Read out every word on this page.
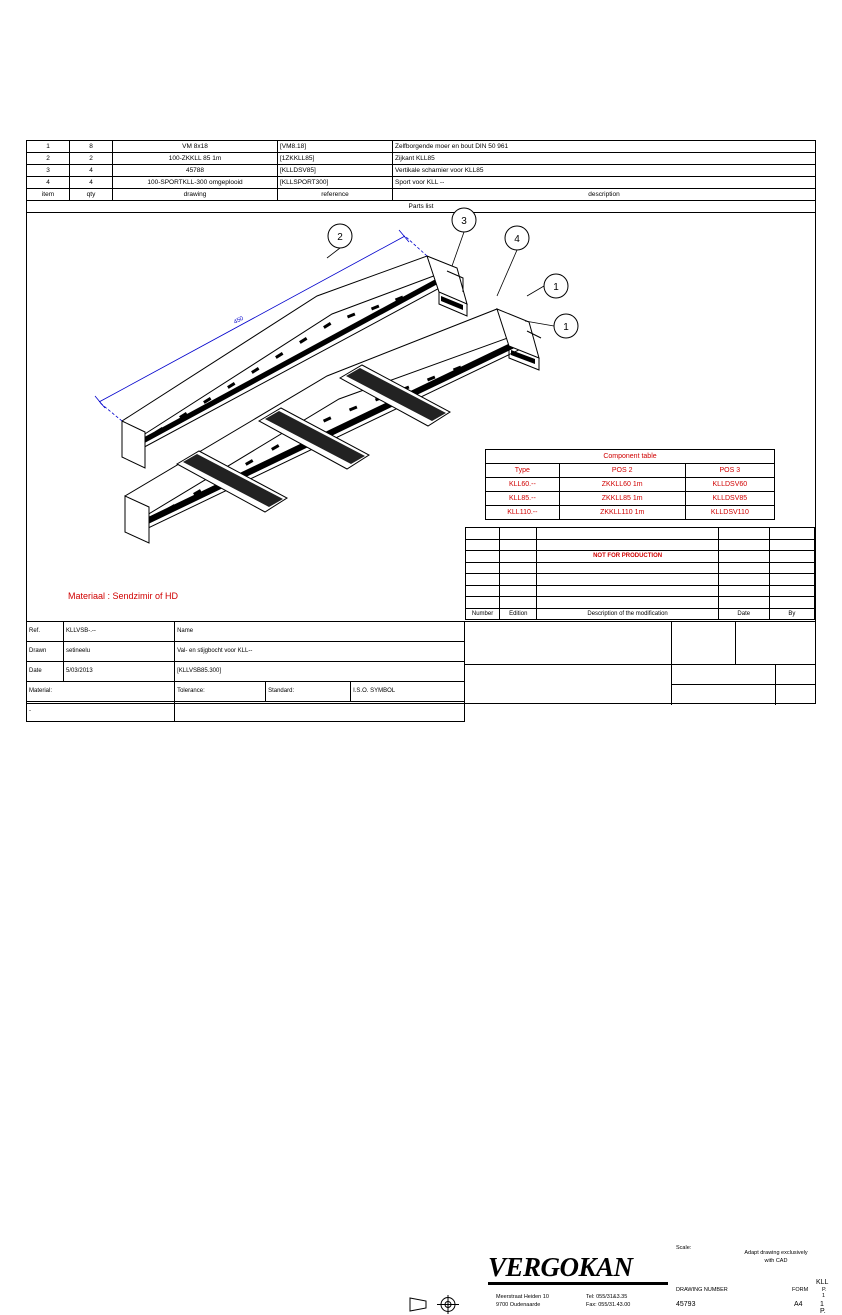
1	8	VM 8x18	[VM8.18]	Zelfborgende moer en bout DIN 50 961
2	2	100-ZKKLL 85 1m	[1ZKKLL85]	Zijkant KLL85
3	4	45788	[KLLDSV85]	Vertikale scharnier voor KLL85
4	4	100-SPORTKLL-300 omgeplooid	[KLLSPORT300]	Sport voor KLL --
item	qty	drawing	reference	description
Parts list				
450
2
3
4
1
1
Component table		
Type	POS 2	POS 3
KLL60.--	ZKKLL60 1m	KLLDSV60
KLL85.--	ZKKLL85 1m	KLLDSV85
KLL110.--	ZKKLL110 1m	KLLDSV110

		NOT FOR PRODUCTION		

Number	Edition	Description of the modification	Date	By
Materiaal : Sendzimir of HD
Ref.	KLLVSB-.--	Name
Drawn	setineelu	Val- en stijgbocht voor KLL--
Date	5/03/2013	[KLLVSB85.300]
Material:		Tolerance:	Standard:	I.S.O. SYMBOL

-	
VERGOKAN
Meerstraat Heiden 10
9700 Oudenaarde
Tel: 055/31&3.35
Fax: 055/31.43.00
Scale:
Adapt drawing exclusively with CAD
KLL
DRAWING NUMBER
45793
FORM
A4
P. 1
1 P.
